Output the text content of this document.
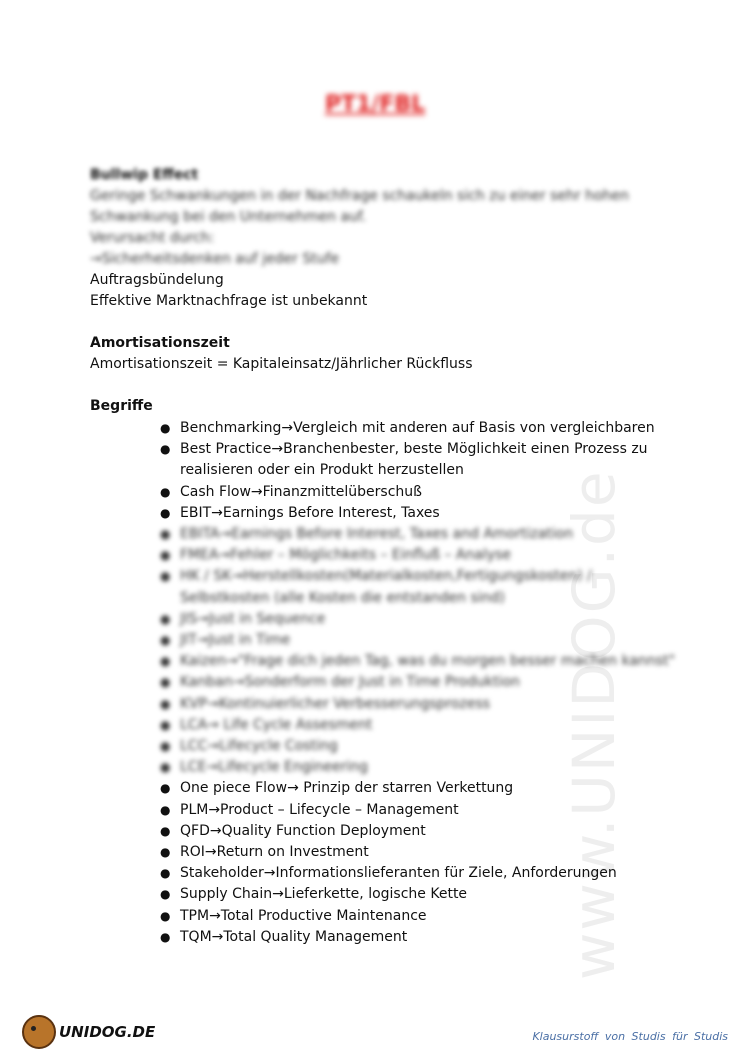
PT1/FBL
www.UNIDOG.de
Bullwip Effect
Geringe Schwankungen in der Nachfrage schaukeln sich zu einer sehr hohen
Schwankung bei den Unternehmen auf.
Verursacht durch:
→Sicherheitsdenken auf jeder Stufe
Auftragsbündelung
Effektive Marktnachfrage ist unbekannt
Amortisationszeit
Amortisationszeit = Kapitaleinsatz/Jährlicher Rückfluss
Begriffe
● Benchmarking→Vergleich mit anderen auf Basis von vergleichbaren
● Best Practice→Branchenbester, beste Möglichkeit einen Prozess zu realisieren oder ein Produkt herzustellen
● Cash Flow→Finanzmittelüberschuß
● EBIT→Earnings Before Interest, Taxes
● EBITA→Earnings Before Interest, Taxes and Amortization
● FMEA→Fehler – Möglichkeits – Einfluß – Analyse
● HK / SK→Herstellkosten(Materialkosten,Fertigungskosten) / Selbstkosten (alle Kosten die entstanden sind)
● JIS→Just in Sequence
● JIT→Just in Time
● Kaizen→"Frage dich jeden Tag, was du morgen besser machen kannst"
● Kanban→Sonderform der Just in Time Produktion
● KVP→Kontinuierlicher Verbesserungsprozess
● LCA→ Life Cycle Assesment
● LCC→Lifecycle Costing
● LCE→Lifecycle Engineering
● One piece Flow→ Prinzip der starren Verkettung
● PLM→Product – Lifecycle – Management
● QFD→Quality Function Deployment
● ROI→Return on Investment
● Stakeholder→Informationslieferanten für Ziele, Anforderungen
● Supply Chain→Lieferkette, logische Kette
● TPM→Total Productive Maintenance
● TQM→Total Quality Management
UNIDOG.DE	Klausurstoff von Studis für Studis
